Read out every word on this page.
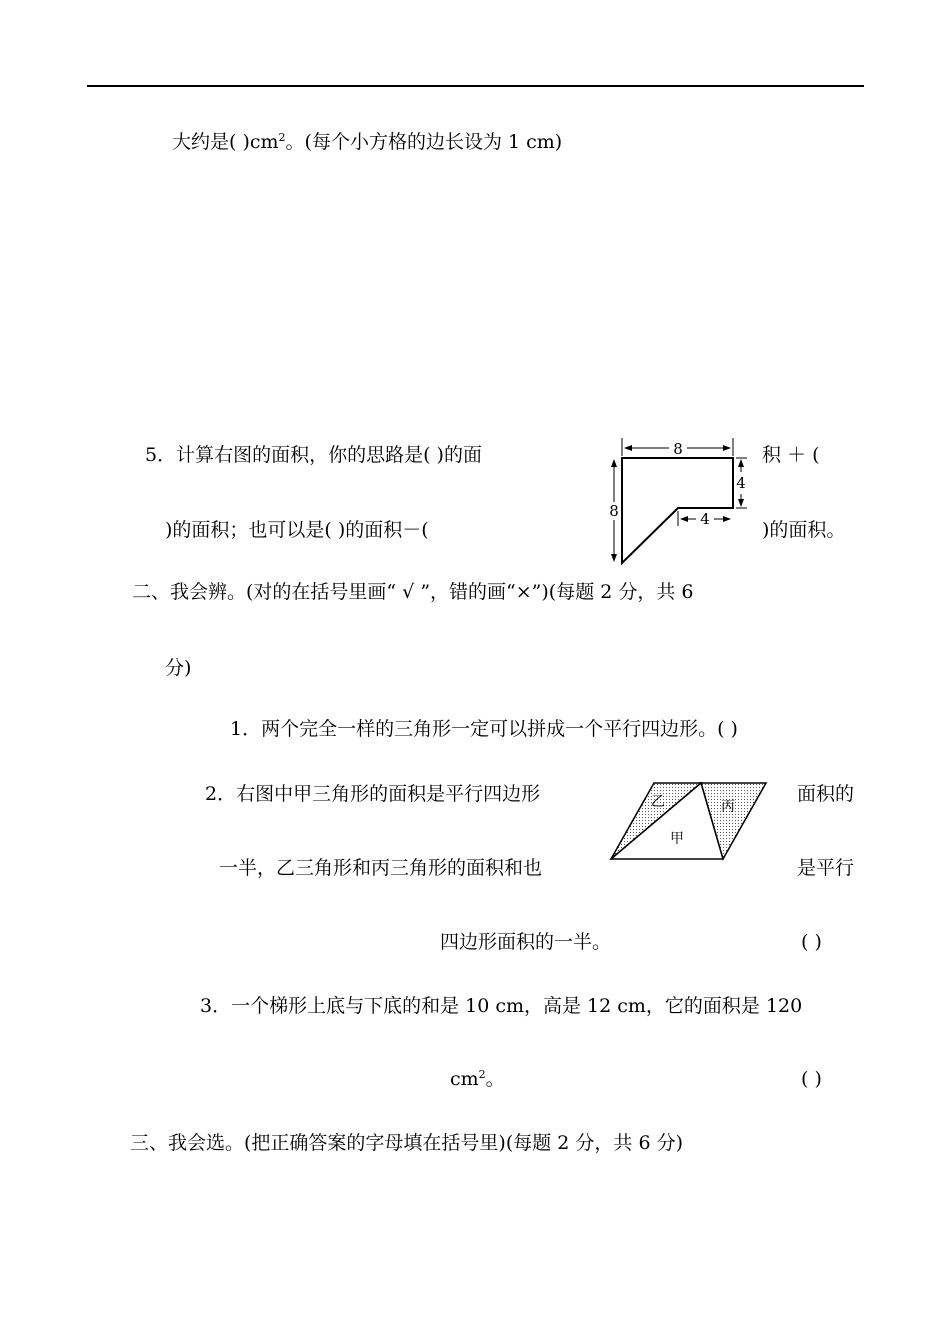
大约是( )$cm^2$。(每个小方格的边长设为 1 cm)
5．计算右图的面积，你的思路是( )的面	积 ＋ (
)的面积；也可以是( )的面积－(	)的面积。
8
4
8	4
二、我会辨。(对的在括号里画“ √ ”，错的画“×”)(每题 2 分，共 6
分)
1．两个完全一样的三角形一定可以拼成一个平行四边形。( )
2．右图中甲三角形的面积是平行四边形	面积的
一半，乙三角形和丙三角形的面积和也	是平行
四边形面积的一半。	( )
乙	丙
甲
3．一个梯形上底与下底的和是 10 cm，高是 12 cm，它的面积是 120
$cm^2$。	( )
三、我会选。(把正确答案的字母填在括号里)(每题 2 分，共 6 分)
